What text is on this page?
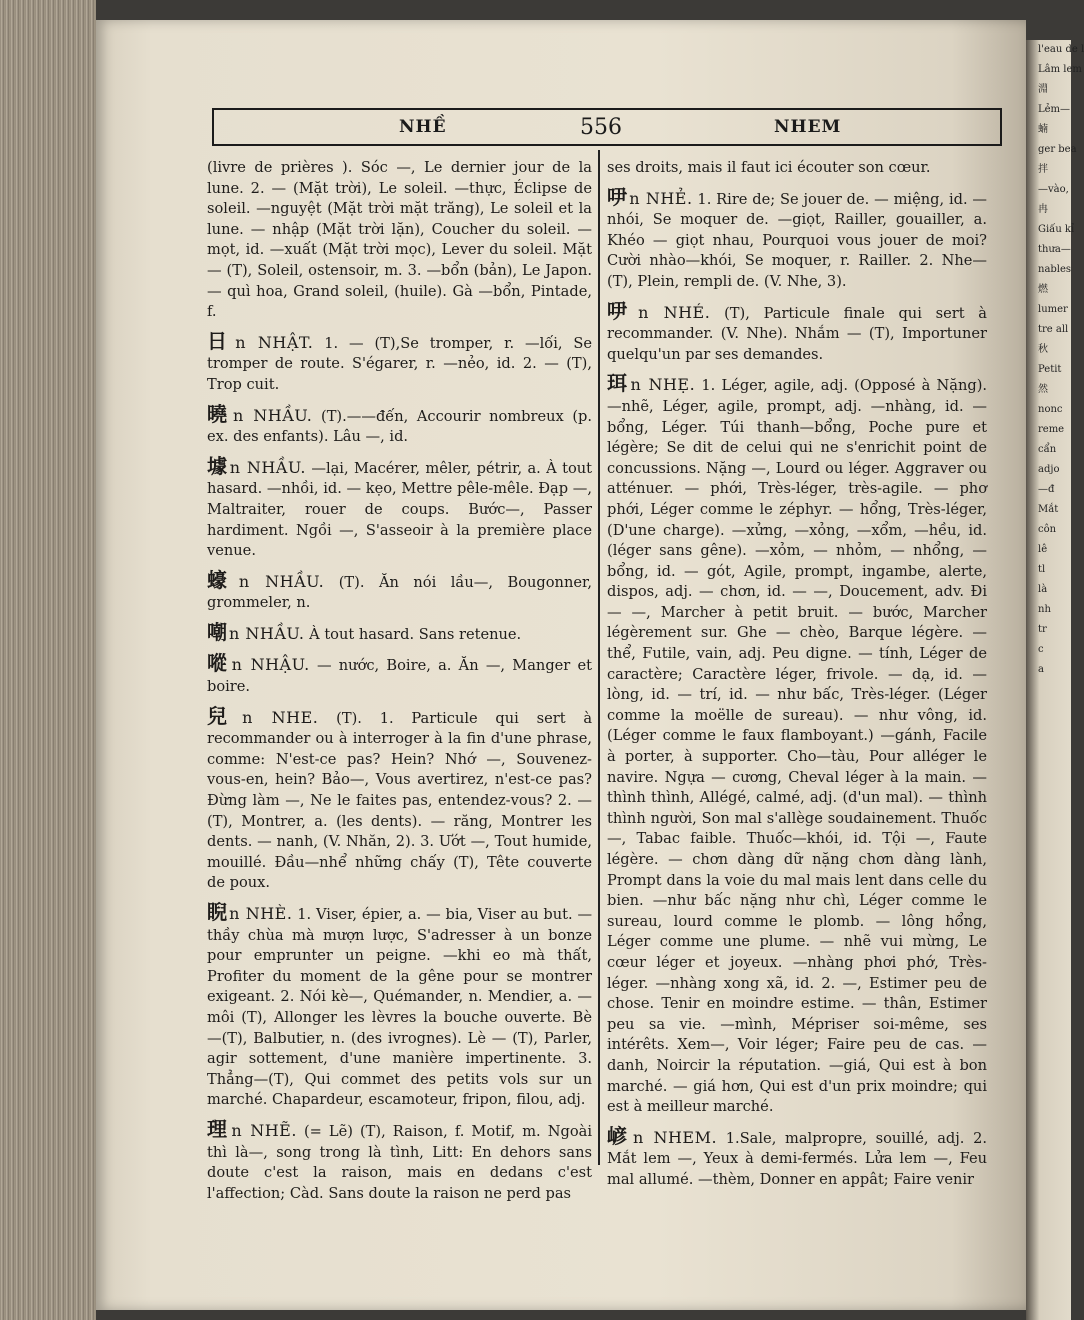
l'eau de l
Lâm lem
淵
Lẻm—
蝻
ger bea
拌
—vào,
冉
Giấu kỉ
thưa—
nables
燃
lumer
tre all
秋
Petit
然
nonc
reme
cẩn
adjo
—đ
Mắt
côn
lê
tl
là
nh
tr
c
a
NHỀ	556	NHEM

(livre de prières ). Sóc —, Le dernier jour de la lune. 2. — (Mặt trời), Le soleil. —thực, Éclipse de soleil. —nguyệt (Mặt trời mặt trăng), Le soleil et la lune. — nhập (Mặt trời lặn), Coucher du soleil. —mọt, id. —xuất (Mặt trời mọc), Lever du soleil. Mặt— (T), Soleil, ostensoir, m. 3. —bổn (bản), Le Japon. — quì hoa, Grand soleil, (huile). Gà —bổn, Pintade, f.

日 n NHẬT. 1. — (T),Se tromper, r. —lối, Se tromper de route. S'égarer, r. —nẻo, id. 2. — (T), Trop cuit.

曉 n NHẦU. (T).——đến, Accourir nombreux (p. ex. des enfants). Lâu —, id.

壉 n NHẦU. —lại, Macérer, mêler, pétrir, a. À tout hasard. —nhồi, id. — kẹo, Mettre pêle-mêle. Đạp —, Maltraiter, rouer de coups. Bước—, Passer hardiment. Ngồi —, S'asseoir à la première place venue.

蠔 n NHẦU. (T). Ăn nói lầu—, Bougonner, grommeler, n.

嘲 n NHẦU. À tout hasard. Sans retenue.

㗰 n NHẬU. — nước, Boire, a. Ăn —, Manger et boire.

兒 n NHE. (T). 1. Particule qui sert à recommander ou à interroger à la fin d'une phrase, comme: N'est-ce pas? Hein? Nhớ —, Souvenez-vous-en, hein? Bảo—, Vous avertirez, n'est-ce pas? Đừng làm —, Ne le faites pas, entendez-vous? 2. — (T), Montrer, a. (les dents). — răng, Montrer les dents. — nanh, (V. Nhăn, 2). 3. Ướt —, Tout humide, mouillé. Đầu—nhể những chấy (T), Tête couverte de poux.

睨 n NHÈ. 1. Viser, épier, a. — bia, Viser au but. —thầy chùa mà mượn lược, S'adresser à un bonze pour emprunter un peigne. —khi eo mà thất, Profiter du moment de la gêne pour se montrer exigeant. 2. Nói kè—, Quémander, n. Mendier, a. —môi (T), Allonger les lèvres la bouche ouverte. Bè —(T), Balbutier, n. (des ivrognes). Lè — (T), Parler, agir sottement, d'une manière impertinente. 3. Thẳng—(T), Qui commet des petits vols sur un marché. Chapardeur, escamoteur, fripon, filou, adj.

理 n NHẼ. (= Lẽ) (T), Raison, f. Motif, m. Ngoài thì là—, song trong là tình, Litt: En dehors sans doute c'est la raison, mais en dedans c'est l'affection; Càd. Sans doute la raison ne perd pas

ses droits, mais il faut ici écouter son cœur.

吚 n NHẺ. 1. Rire de; Se jouer de. — miệng, id. —nhói, Se moquer de. —giọt, Railler, gouailler, a. Khéo — giọt nhau, Pourquoi vous jouer de moi? Cười nhào—khói, Se moquer, r. Railler. 2. Nhe—(T), Plein, rempli de. (V. Nhe, 3).

吚 n NHÉ. (T), Particule finale qui sert à recommander. (V. Nhe). Nhắm — (T), Importuner quelqu'un par ses demandes.

珥 n NHẸ. 1. Léger, agile, adj. (Opposé à Nặng). —nhẽ, Léger, agile, prompt, adj. —nhàng, id. —bổng, Léger. Túi thanh—bổng, Poche pure et légère; Se dit de celui qui ne s'enrichit point de concussions. Nặng —, Lourd ou léger. Aggraver ou atténuer. — phới, Très-léger, très-agile. — phơ phới, Léger comme le zéphyr. — hổng, Très-léger, (D'une charge). —xửng, —xỏng, —xổm, —hều, id. (léger sans gêne). —xỏm, — nhỏm, — nhổng, —bổng, id. — gót, Agile, prompt, ingambe, alerte, dispos, adj. — chơn, id. — —, Doucement, adv. Đi — —, Marcher à petit bruit. — bước, Marcher légèrement sur. Ghe — chèo, Barque légère. — thể, Futile, vain, adj. Peu digne. — tính, Léger de caractère; Caractère léger, frivole. — dạ, id. — lòng, id. — trí, id. — như bấc, Très-léger. (Léger comme la moëlle de sureau). — như vông, id. (Léger comme le faux flamboyant.) —gánh, Facile à porter, à supporter. Cho—tàu, Pour alléger le navire. Ngựa — cương, Cheval léger à la main. — thình thình, Allégé, calmé, adj. (d'un mal). — thình thình người, Son mal s'allège soudainement. Thuốc —, Tabac faible. Thuốc—khói, id. Tội —, Faute légère. — chơn dàng dữ nặng chơn dàng lành, Prompt dans la voie du mal mais lent dans celle du bien. —như bấc nặng như chì, Léger comme le sureau, lourd comme le plomb. — lông hổng, Léger comme une plume. — nhẽ vui mừng, Le cœur léger et joyeux. —nhàng phơi phớ, Très-léger. —nhàng xong xã, id. 2. —, Estimer peu de chose. Tenir en moindre estime. — thân, Estimer peu sa vie. —mình, Mépriser soi-même, ses intérêts. Xem—, Voir léger; Faire peu de cas. —danh, Noircir la réputation. —giá, Qui est à bon marché. — giá hơn, Qui est d'un prix moindre; qui est à meilleur marché.

嵃 n NHEM. 1.Sale, malpropre, souillé, adj. 2. Mắt lem —, Yeux à demi-fermés. Lửa lem —, Feu mal allumé. —thèm, Donner en appât; Faire venir
